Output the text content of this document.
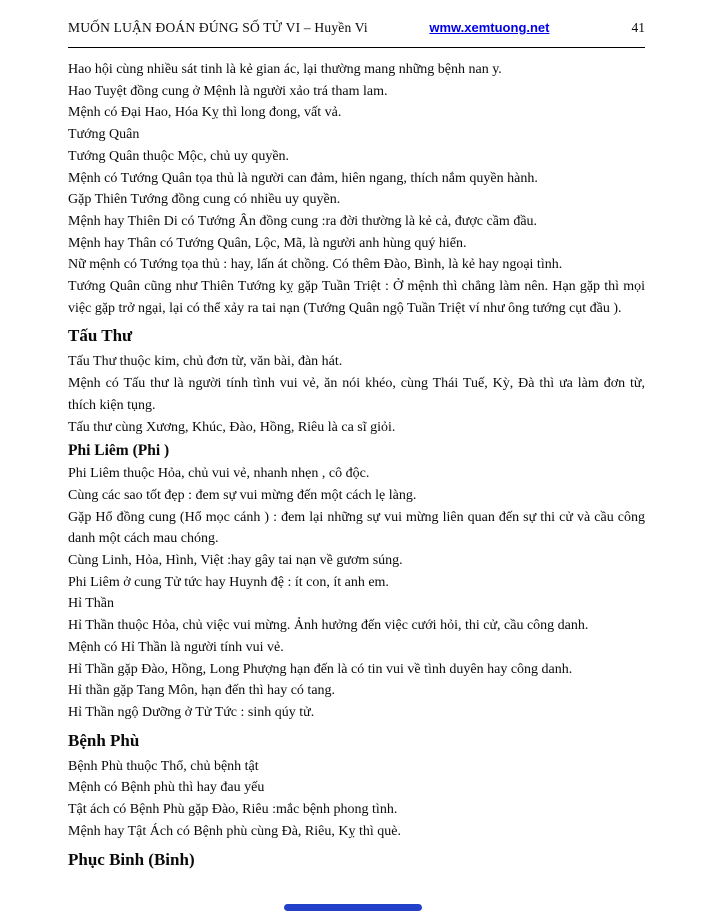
MUỐN LUẬN ĐOÁN ĐÚNG SỐ TỬ VI – Huyền Vi	wmw.xemtuong.net	41

Hao hội cùng nhiều sát tinh là kẻ gian ác, lại thường mang những bệnh nan y.

Hao Tuyệt đồng cung ở Mệnh là người xảo trá tham lam.

Mệnh có Đại Hao, Hóa Kỵ thì long đong, vất vả.

Tướng Quân

Tướng Quân thuộc Mộc, chủ uy quyền.

Mệnh có Tướng Quân tọa thủ là người can đảm, hiên ngang, thích nắm quyền hành.

Gặp Thiên Tướng đồng cung có nhiều uy quyền.

Mệnh hay Thiên Di có Tướng Ân đồng cung :ra đời thường là kẻ cả, được cầm đầu.

Mệnh hay Thân có Tướng Quân, Lộc, Mã, là người anh hùng quý hiển.

Nữ mệnh có Tướng tọa thủ : hay, lấn át chồng. Có thêm Đào, Bình, là kẻ hay ngoại tình.

Tướng Quân cũng như Thiên Tướng kỵ gặp Tuần Triệt : Ở mệnh thì chẳng làm nên. Hạn gặp thì mọi việc gặp trở ngại, lại có thể xảy ra tai nạn (Tướng Quân ngộ Tuần Triệt ví như ông tướng cụt đầu ).

Tấu Thư

Tấu Thư thuộc kim, chủ đơn từ, văn bài, đàn hát.

Mệnh có Tấu thư là người tính tình vui vẻ, ăn nói khéo, cùng Thái Tuế, Kỳ, Đà thì ưa làm đơn từ, thích kiện tụng.

Tấu thư cùng Xương, Khúc, Đào, Hồng, Riêu là ca sĩ giỏi.

Phi Liêm (Phi )

Phi Liêm thuộc Hỏa, chủ vui vẻ, nhanh nhẹn , cô độc.

Cùng các sao tốt đẹp : đem sự vui mừng đến một cách lẹ làng.

Gặp Hổ đồng cung (Hổ mọc cánh ) : đem lại những sự vui mừng liên quan đến sự thi cử và cầu công danh một cách mau chóng.

Cùng Linh, Hỏa, Hình, Việt :hay gây tai nạn về gươm súng.

Phi Liêm ở cung Tử tức hay Huynh đệ : ít con, ít anh em.

Hỉ Thần

Hỉ Thần thuộc Hỏa, chủ việc vui mừng. Ảnh hưởng đến việc cưới hỏi, thi cử, cầu công danh.

Mệnh có Hỉ Thần là người tính vui vẻ.

Hỉ Thần gặp Đào, Hồng, Long Phượng hạn đến là có tin vui về tình duyên hay công danh.

Hỉ thần gặp Tang Môn, hạn đến thì hay có tang.

Hỉ Thần ngộ Dưỡng ở Tử Tức : sinh qúy tử.

Bệnh Phù

Bệnh Phù thuộc Thổ, chủ bệnh tật

Mệnh có Bệnh phù thì hay đau yếu

Tật ách có Bệnh Phù gặp Đào, Riêu :mắc bệnh phong tình.

Mệnh hay Tật Ách có Bệnh phù cùng Đà, Riêu, Kỵ thì què.

Phục Binh (Binh)
